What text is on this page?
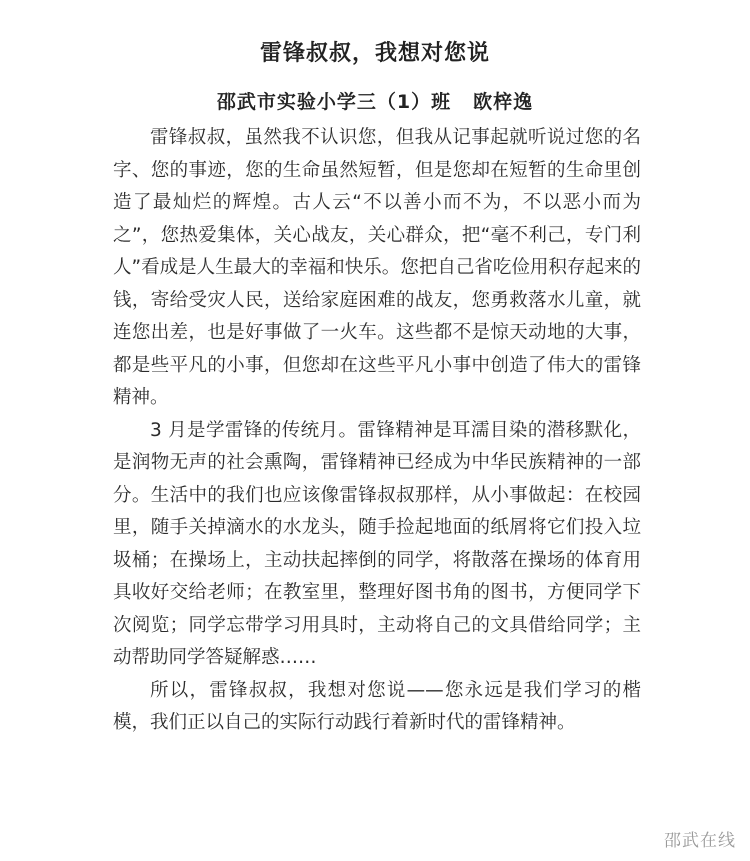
雷锋叔叔，我想对您说
邵武市实验小学三（1）班 欧梓逸

雷锋叔叔，虽然我不认识您，但我从记事起就听说过您的名字、您的事迹，您的生命虽然短暂，但是您却在短暂的生命里创造了最灿烂的辉煌。古人云“不以善小而不为，不以恶小而为之”，您热爱集体，关心战友，关心群众，把“毫不利己，专门利人”看成是人生最大的幸福和快乐。您把自己省吃俭用积存起来的钱，寄给受灾人民，送给家庭困难的战友，您勇救落水儿童，就连您出差，也是好事做了一火车。这些都不是惊天动地的大事，都是些平凡的小事，但您却在这些平凡小事中创造了伟大的雷锋精神。

3 月是学雷锋的传统月。雷锋精神是耳濡目染的潜移默化，是润物无声的社会熏陶，雷锋精神已经成为中华民族精神的一部分。生活中的我们也应该像雷锋叔叔那样，从小事做起：在校园里，随手关掉滴水的水龙头，随手捡起地面的纸屑将它们投入垃圾桶；在操场上，主动扶起摔倒的同学，将散落在操场的体育用具收好交给老师；在教室里，整理好图书角的图书，方便同学下次阅览；同学忘带学习用具时，主动将自己的文具借给同学；主动帮助同学答疑解惑……

所以，雷锋叔叔，我想对您说——您永远是我们学习的楷模，我们正以自己的实际行动践行着新时代的雷锋精神。

邵武在线
